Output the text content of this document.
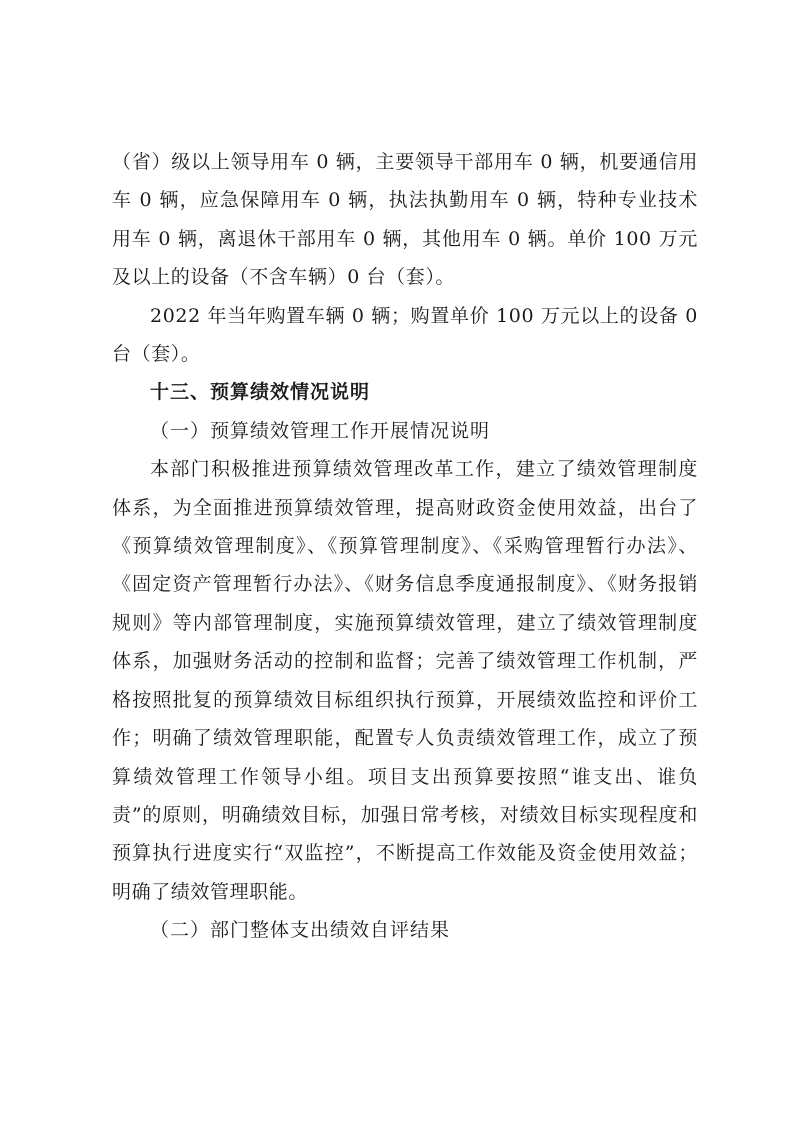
（省）级以上领导用车 0 辆，主要领导干部用车 0 辆，机要通信用车 0 辆，应急保障用车 0 辆，执法执勤用车 0 辆，特种专业技术用车 0 辆，离退休干部用车 0 辆，其他用车 0 辆。单价 100 万元及以上的设备（不含车辆）0 台（套）。

2022 年当年购置车辆 0 辆；购置单价 100 万元以上的设备 0 台（套）。

十三、预算绩效情况说明

（一）预算绩效管理工作开展情况说明

本部门积极推进预算绩效管理改革工作，建立了绩效管理制度体系，为全面推进预算绩效管理，提高财政资金使用效益，出台了《预算绩效管理制度》、《预算管理制度》、《采购管理暂行办法》、《固定资产管理暂行办法》、《财务信息季度通报制度》、《财务报销规则》等内部管理制度，实施预算绩效管理，建立了绩效管理制度体系，加强财务活动的控制和监督；完善了绩效管理工作机制，严格按照批复的预算绩效目标组织执行预算，开展绩效监控和评价工作；明确了绩效管理职能，配置专人负责绩效管理工作，成立了预算绩效管理工作领导小组。项目支出预算要按照“谁支出、谁负责”的原则，明确绩效目标，加强日常考核，对绩效目标实现程度和预算执行进度实行“双监控”，不断提高工作效能及资金使用效益；明确了绩效管理职能。

（二）部门整体支出绩效自评结果
